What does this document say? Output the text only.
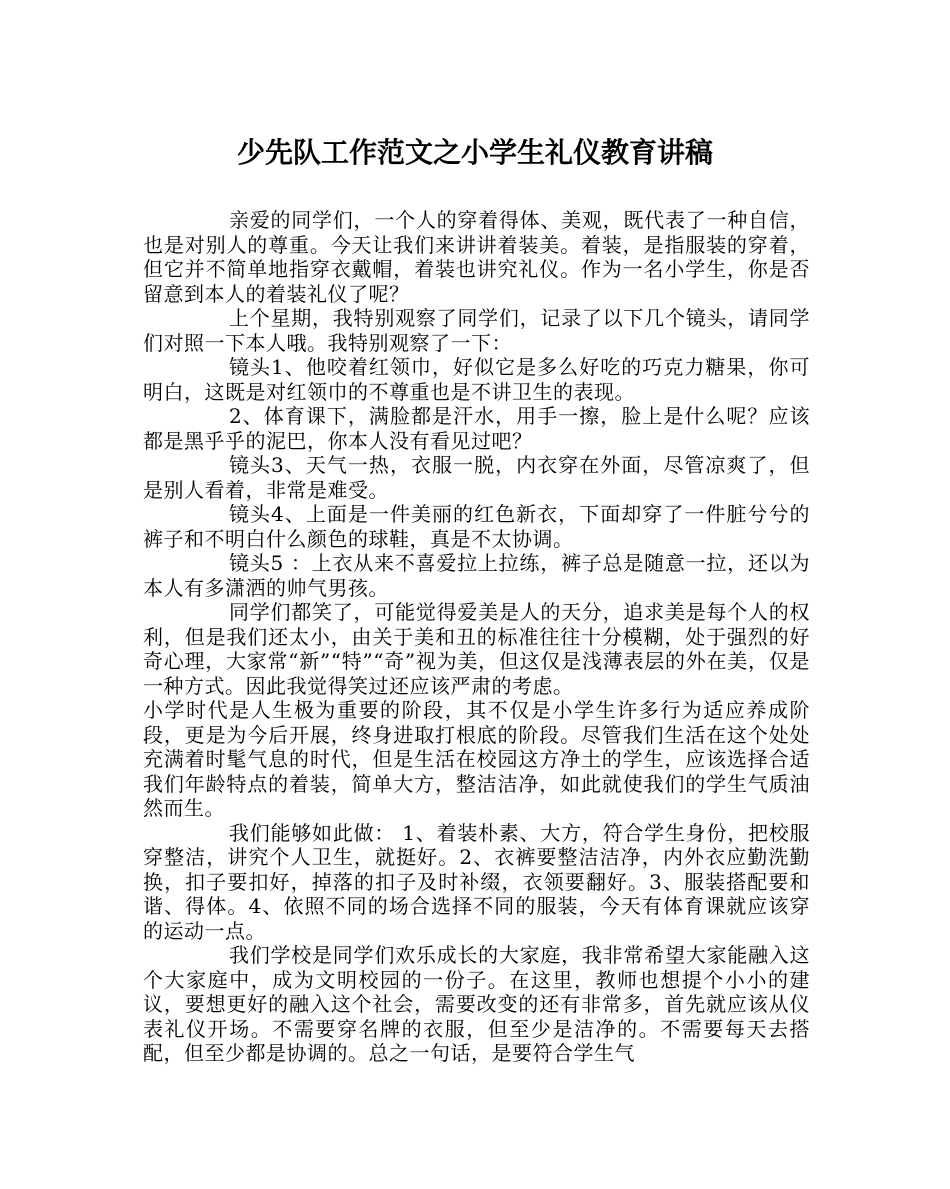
少先队工作范文之小学生礼仪教育讲稿

亲爱的同学们，一个人的穿着得体、美观，既代表了一种自信，也是对别人的尊重。今天让我们来讲讲着装美。着装，是指服装的穿着，但它并不简单地指穿衣戴帽，着装也讲究礼仪。作为一名小学生，你是否留意到本人的着装礼仪了呢？

上个星期，我特别观察了同学们，记录了以下几个镜头，请同学们对照一下本人哦。我特别观察了一下：

镜头1、他咬着红领巾，好似它是多么好吃的巧克力糖果，你可明白，这既是对红领巾的不尊重也是不讲卫生的表现。

2、体育课下，满脸都是汗水，用手一擦，脸上是什么呢？应该都是黑乎乎的泥巴，你本人没有看见过吧？

镜头3、天气一热，衣服一脱，内衣穿在外面，尽管凉爽了，但是别人看着，非常是难受。

镜头4、上面是一件美丽的红色新衣，下面却穿了一件脏兮兮的裤子和不明白什么颜色的球鞋，真是不太协调。

镜头5 ：上衣从来不喜爱拉上拉练，裤子总是随意一拉，还以为本人有多潇洒的帅气男孩。

同学们都笑了，可能觉得爱美是人的天分，追求美是每个人的权利，但是我们还太小，由关于美和丑的标准往往十分模糊，处于强烈的好奇心理，大家常“新”“特”“奇”视为美，但这仅是浅薄表层的外在美，仅是一种方式。因此我觉得笑过还应该严肃的考虑。

小学时代是人生极为重要的阶段，其不仅是小学生许多行为适应养成阶段，更是为今后开展，终身进取打根底的阶段。尽管我们生活在这个处处充满着时髦气息的时代，但是生活在校园这方净土的学生，应该选择合适我们年龄特点的着装，简单大方，整洁洁净，如此就使我们的学生气质油然而生。

我们能够如此做： 1、着装朴素、大方，符合学生身份，把校服穿整洁，讲究个人卫生，就挺好。2、衣裤要整洁洁净，内外衣应勤洗勤换，扣子要扣好，掉落的扣子及时补缀，衣领要翻好。3、服装搭配要和谐、得体。4、依照不同的场合选择不同的服装，今天有体育课就应该穿的运动一点。

我们学校是同学们欢乐成长的大家庭，我非常希望大家能融入这个大家庭中，成为文明校园的一份子。在这里，教师也想提个小小的建议，要想更好的融入这个社会，需要改变的还有非常多，首先就应该从仪表礼仪开场。不需要穿名牌的衣服，但至少是洁净的。不需要每天去搭配，但至少都是协调的。总之一句话，是要符合学生气
